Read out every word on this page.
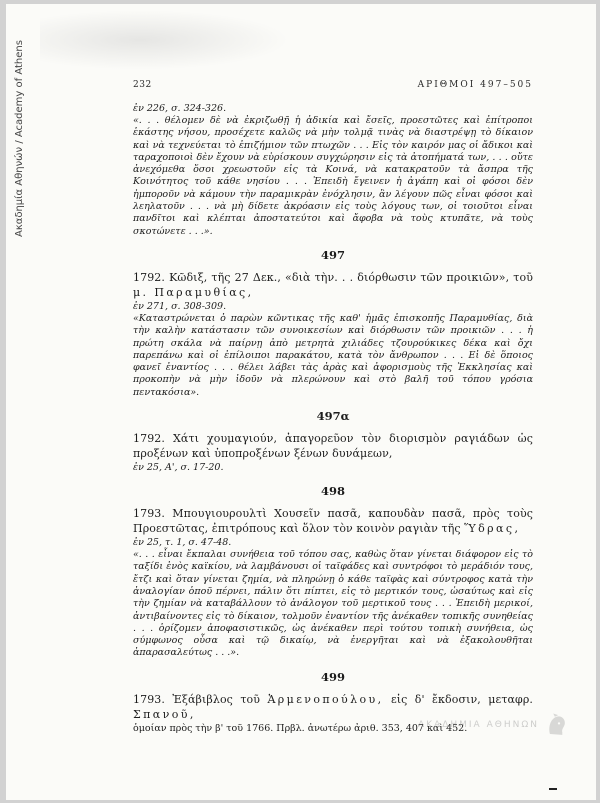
Ακαδημία Αθηνών / Academy of Athens	232	ΑΡΙΘΜΟΙ 497–505
ἐν 226, σ. 324-326.

«. . . θέλομεν δὲ νὰ ἐκριζωθῇ ἡ ἀδικία καὶ ἔσεῖς, προεστῶτες καὶ ἐπίτροποι ἑκάστης νήσου, προσέχετε καλῶς νὰ μὴν τολμᾷ τινὰς νὰ διαστρέψῃ τὸ δίκαιον καὶ νὰ τεχνεύεται τὸ ἐπιζήμιον τῶν πτωχῶν . . . Εἰς τὸν καιρόν μας οἱ ἄδικοι καὶ ταραχοποιοὶ δὲν ἔχουν νὰ εὑρίσκουν συγχώρησιν εἰς τὰ ἀτοπήματά των, . . . οὔτε ἀνεχόμεθα ὅσοι χρεωστοῦν εἰς τὰ Κοινά, νὰ κατακρατοῦν τὰ ἄσπρα τῆς Κοινότητος τοῦ κάθε νησίου . . . Ἐπειδὴ ἔγεινεν ἡ ἀγάπη καὶ οἱ φόσοι δὲν ἠμποροῦν νὰ κάμουν τὴν παραμικρὰν ἐνόχλησιν, ἂν λέγουν πῶς εἶναι φόσοι καὶ λεηλατοῦν . . . νὰ μὴ δίδετε ἀκρόασιν εἰς τοὺς λόγους των, οἱ τοιοῦτοι εἶναι πανδῖτοι καὶ κλέπται ἀποστατεύτοι καὶ ἄφοβα νὰ τοὺς κτυπᾶτε, νὰ τοὺς σκοτώνετε . . .».

497
1792. Κῶδιξ, τῆς 27 Δεκ., «διὰ τὴν. . . διόρθωσιν τῶν προικιῶν», τοῦ μ. Παραμυθίας,
ἐν 271, σ. 308-309.

«Καταστρώνεται ὁ παρὼν κῶντικας τῆς καθ' ἡμᾶς ἐπισκοπῆς Παραμυθίας, διὰ τὴν καλὴν κατάστασιν τῶν συνοικεσίων καὶ διόρθωσιν τῶν προικιῶν . . . ἡ πρώτη σκάλα νὰ παίρνῃ ἀπὸ μετρητὰ χιλιάδες τζουρούκικες δέκα καὶ ὄχι παρεπάνω καὶ οἱ ἐπίλοιποι παρακάτου, κατὰ τὸν ἄνθρωπον . . . Εἰ δὲ ὅποιος φανεῖ ἐναντίος . . . θέλει λάβει τὰς ἀρὰς καὶ ἀφορισμοὺς τῆς Ἐκκλησίας καὶ προκοπὴν νὰ μὴν ἰδοῦν νὰ πλερώνουν καὶ στὸ βαλῆ τοῦ τόπου γρόσια πεντακόσια».

497α
1792. Χάτι χουμαγιούν, ἀπαγορεῦον τὸν διορισμὸν ραγιάδων ὡς προξένων καὶ ὑποπροξένων ξένων δυνάμεων,
ἐν 25, Α', σ. 17-20.
498
1793. Μπουγιουρουλτὶ Χουσεῖν πασᾶ, καπουδὰν πασᾶ, πρὸς τοὺς Προεστῶτας, ἐπιτρόπους καὶ ὅλον τὸν κοινὸν ραγιὰν τῆς Ὕδρας,
ἐν 25, τ. 1, σ. 47-48.

«. . . εἶναι ἔκπαλαι συνήθεια τοῦ τόπου σας, καθὼς ὅταν γίνεται διάφορον εἰς τὸ ταξίδι ἑνὸς καϊκίου, νὰ λαμβάνουσι οἱ ταϊφάδες καὶ συντρόφοι τὸ μεράδιόν τους, ἔτζι καὶ ὅταν γίνεται ζημία, νὰ πληρώνῃ ὁ κάθε ταϊφὰς καὶ σύντροφος κατὰ τὴν ἀναλογίαν ὁποῦ πέρνει, πάλιν ὅτι πίπτει, εἰς τὸ μερτικόν τους, ὡσαύτως καὶ εἰς τὴν ζημίαν νὰ καταβάλλουν τὸ ἀνάλογον τοῦ μερτικοῦ τους . . . Ἐπειδὴ μερικοί, ἀντιβαίνοντες εἰς τὸ δίκαιον, τολμοῦν ἐναντίον τῆς ἀνέκαθεν τοπικῆς συνηθείας . . . ὁρίζομεν ἀποφασιστικῶς, ὡς ἀνέκαθεν περὶ τούτου τοπικὴ συνήθεια, ὡς σύμφωνος οὖσα καὶ τῷ δικαίῳ, νὰ ἐνεργῆται καὶ νὰ ἐξακολουθῆται ἀπαρασαλεύτως . . .».

499
1793. Ἐξάβιβλος τοῦ Ἁρμενοπούλου, εἰς δ' ἔκδοσιν, μεταφρ. Σπανοῦ,
ὁμοίαν πρὸς τὴν β' τοῦ 1766. Πρβλ. ἀνωτέρω ἀριθ. 353, 407 καὶ 452.
ΑΚΑΔΗΜΙΑ ΑΘΗΝΩΝ
